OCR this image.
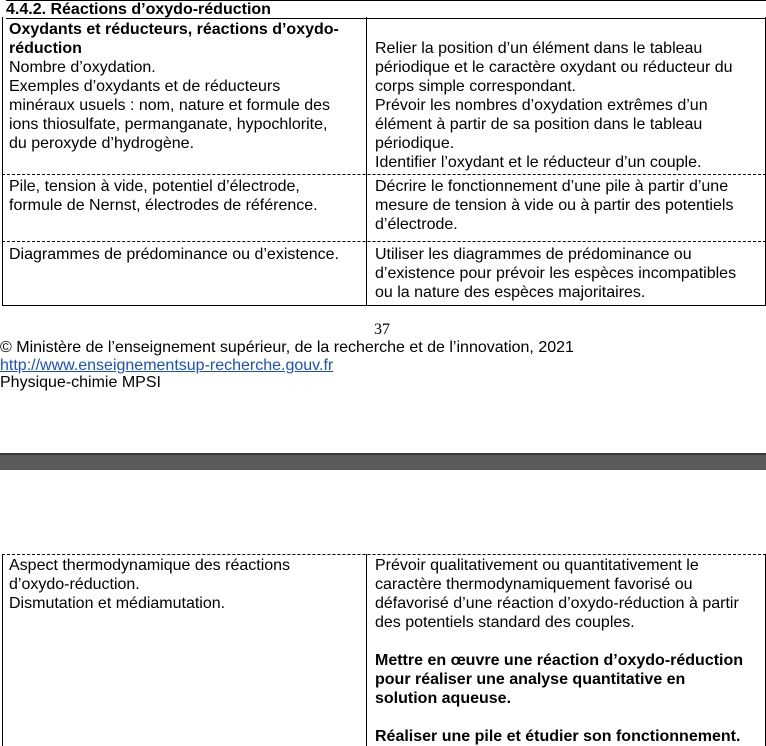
4.4.2. Réactions d’oxydo-réduction

Oxydants et réducteurs, réactions d’oxydo-

réduction

Nombre d’oxydation.

Exemples d’oxydants et de réducteurs

minéraux usuels : nom, nature et formule des

ions thiosulfate, permanganate, hypochlorite,

du peroxyde d’hydrogène.

Relier la position d’un élément dans le tableau

périodique et le caractère oxydant ou réducteur du

corps simple correspondant.

Prévoir les nombres d’oxydation extrêmes d’un

élément à partir de sa position dans le tableau

périodique.

Identifier l’oxydant et le réducteur d’un couple.

Pile, tension à vide, potentiel d’électrode,

formule de Nernst, électrodes de référence.

Décrire le fonctionnement d’une pile à partir d’une

mesure de tension à vide ou à partir des potentiels

d’électrode.

Diagrammes de prédominance ou d’existence.	Utiliser les diagrammes de prédominance ou

d’existence pour prévoir les espèces incompatibles

ou la nature des espèces majoritaires.

37
© Ministère de l’enseignement supérieur, de la recherche et de l’innovation, 2021
http://www.enseignementsup-recherche.gouv.fr
Physique-chimie MPSI

Aspect thermodynamique des réactions

d’oxydo-réduction.

Dismutation et médiamutation.

Prévoir qualitativement ou quantitativement le

caractère thermodynamiquement favorisé ou

défavorisé d’une réaction d’oxydo-réduction à partir

des potentiels standard des couples.

Mettre en œuvre une réaction d’oxydo-réduction

pour réaliser une analyse quantitative en

solution aqueuse.

Réaliser une pile et étudier son fonctionnement.
